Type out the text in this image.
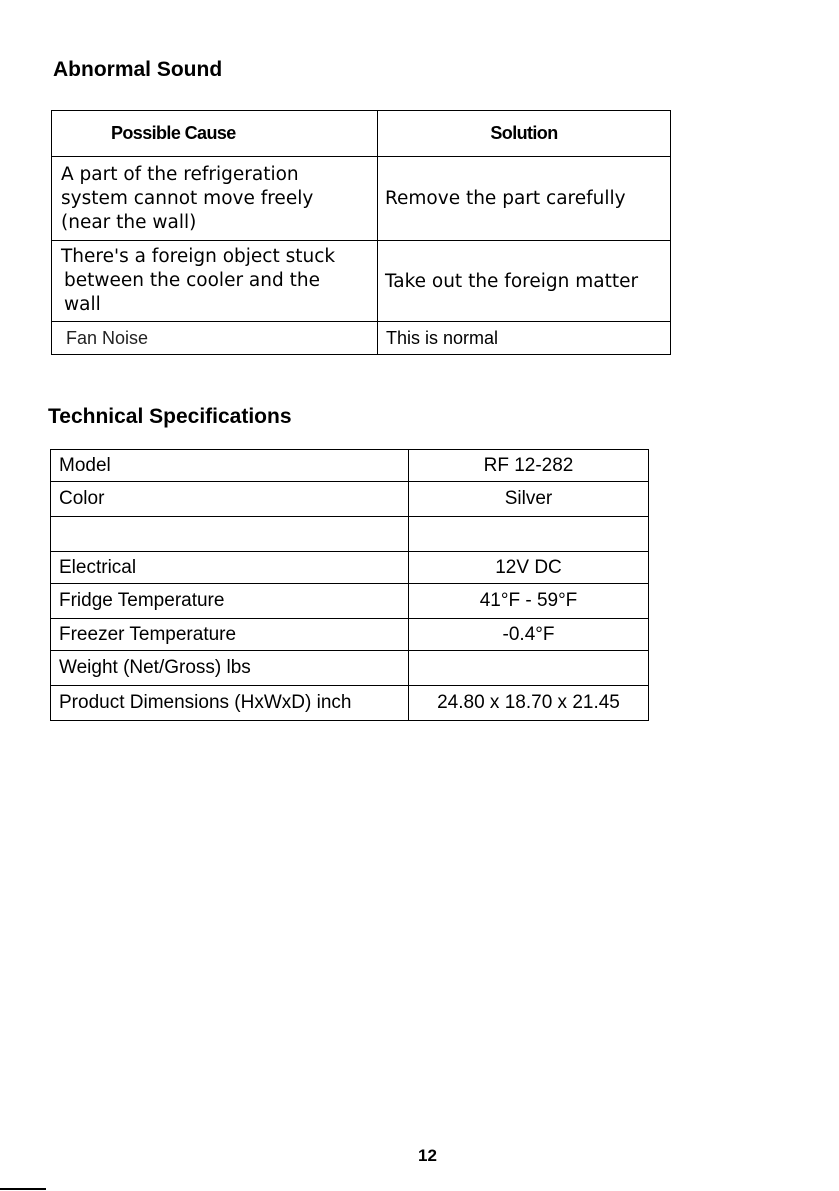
Abnormal Sound
Possible Cause	Solution

A part of the refrigeration
system cannot move freely
(near the wall)	Remove the part carefully

There's a foreign object stuck
between the cooler and the
wall	Take out the foreign matter
Fan Noise	This is normal
Technical Specifications
Model	RF 12-282
Color	Silver

Electrical	12V DC
Fridge Temperature	41°F - 59°F
Freezer Temperature	-0.4°F
Weight (Net/Gross) lbs	
Product Dimensions (HxWxD) inch	24.80 x 18.70 x 21.45
12
